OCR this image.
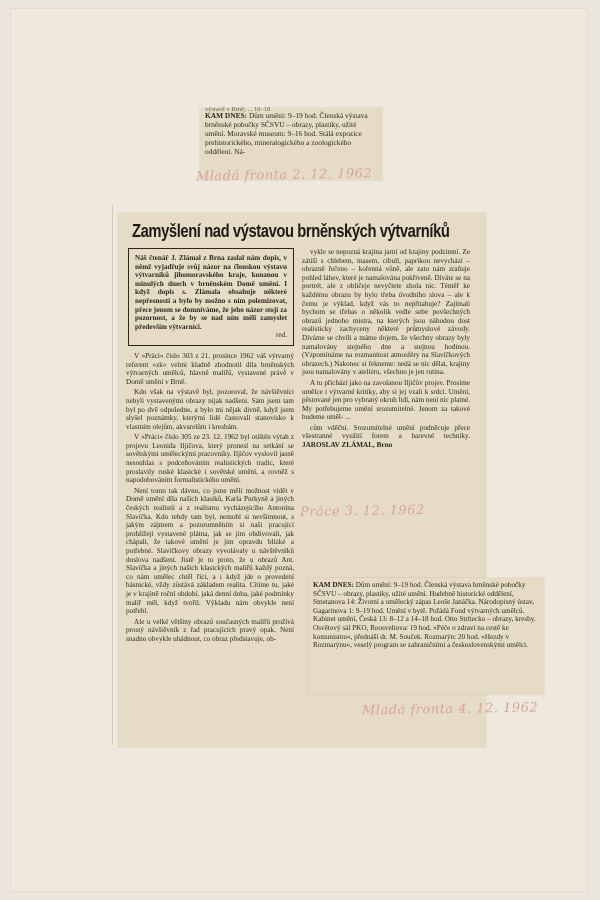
výstavě v Brně; ... 10–18

KAM DNES: Dům umění: 9–19 hod. Členská výstava brněnské pobočky SČSVU – obrazy, plastiky, užité umění. Moravské museum: 9–16 hod. Stálá expozice prehistorického, mineralogického a zoologického oddělení. Ná-

Mladá fronta 2. 12. 1962
Zamyšlení nad výstavou brněnských výtvarníků
Náš čtenář J. Zlámal z Brna zaslal nám dopis, v němž vyjadřuje svůj názor na členskou výstavu výtvarníků jihomoravského kraje, konanou v minulých dnech v brněnském Domě umění. I když dopis s. Zlámala obsahuje některé nepřesnosti a bylo by možno s ním polemizovat, přece jenom se domníváme, že jeho názor stojí za pozornost, a že by se nad ním měli zamyslet především výtvarníci.
red.

V »Práci« číslo 303 z 21. prosince 1962 váš výtvarný referent »zk« velmi kladně zhodnotil díla brněnských výtvarných umělců, hlavně malířů, vystavené právě v Domě umění v Brně.

Kdo však na výstavě byl, pozoroval, že návštěvníci nebyli vystavenými obrazy nijak nadšeni. Sám jsem tam byl po dvě odpoledne, a bylo mi nějak divně, když jsem slyšel poznámky, kterými lidé častovali stanovisko k vlastním olejům, akvarelům i kresbám.

V »Práci« číslo 305 ze 23. 12. 1962 byl otištěn výtah z projevu Leonida Iljičova, který pronesl na setkání se sovětskými uměleckými pracovníky. Iljičov vyslovil jasně nesouhlas s podceňováním realistických tradic, které proslavily ruské klasické i sovětské umění, a rovněž s napodobováním formalistického umění.

Není tomu tak dávno, co jsme měli možnost vidět v Domě umění díla našich klasiků, Karla Purkyně a jiných českých realistů a z realismu vycházejícího Antonína Slavíčka. Kdo tehdy tam byl, nemohl si nevšimnout, s jakým zájmem a pozorumněním si naši pracující prohlížejí vystavené plátna, jak se jim obdivovali, jak chápali, že takové umění je jim opravdu blízké a potřebné. Slavíčkovy obrazy vyvolávaly u návštěvníků doslova nadšení. Jistě je to proto, že u obrazů Ant. Slavíčka a jiných našich klasických malířů každý pozná, co nám umělec chtěl říci, a i když jde o provedení básnické, vždy zůstává základem realita. Cítíme tu, jaké je v krajině roční období, jaká denní doba, jaké podmínky malíř měl, když tvořil. Výkladu nám obvykle není potřebí.

Ale u velké většiny obrazů současných malířů prožívá prostý návštěvník z řad pracujících pravý opak. Není snadno obvykle uhádnout, co obraz představuje, ob-

vykle se nepozná krajina jarní od krajiny podzimní. Ze zátiší s chlebem, masem, cibulí, paprikou nevychází – obrazně řečeno – kořenná vůně, ale zato nám zraňuje pohled láhev, které je namalována pokřiveně. Díváte se na portrét, ale z obličeje nevyčtete zhola nic. Téměř ke každému obrazu by bylo třeba úvodního slova – ale k čemu je výklad, když vás to nepřitahuje? Zajímali bychom se třebas o několik vedle sebe povšechných obrazů jednoho mistra, na kterých jsou náhodou dost realisticky zachyceny některé průmyslové závody. Díváme se chvíli a máme dojem, že všechny obrazy byly namalovány stejného dne a stejnou hodinou. (Vzpomínáme na rozmanitost atmosféry na Slavíčkových obrazech.) Nakonec si řekneme: nedá se nic dělat, krajiny jsou namalovány v ateliéru, všechno je jen rutina.

A tu přichází jako na zavolanou Iljičův projev. Prosíme umělce i výtvarné kritiky, aby si jej vzali k srdci. Umění, pěstované jen pro vybraný okruh lidí, nám není nic platné. My potřebujeme umění srozumitelné. Jenom za takové budeme uměl- ...

cům vděčni. Srozumitelné umění podněcuje přece všestranné využití forem a barevné techniky. JAROSLAV ZLÁMAL, Brno

Práce 3. 12. 1962

KAM DNES: Dům umění: 9–19 hod. Členská výstava brněnské pobočky SČSVU – obrazy, plastiky, užité umění. Hudebně historické oddělení, Smetanova 14: Životní a umělecký zápas Leoše Janáčka. Národopisný ústav, Gagarinova 1: 9–19 hod. Umění v bytě. Pořádá Fond výtvarných umělců. Kabinet umění, Česká 13: 8–12 a 14–18 hod. Otto Strítecko – obrazy, kresby. Osvětový sál PKO, Roosveltova: 19 hod. »Péče o zdraví na cestě ke komunismu«, přednáší dr. M. Souček. Rozmarýn: 20 hod. »Hezdy v Rozmarýnu«, veselý program se zahraničními a československými umělci.

Mladá fronta 4. 12. 1962
